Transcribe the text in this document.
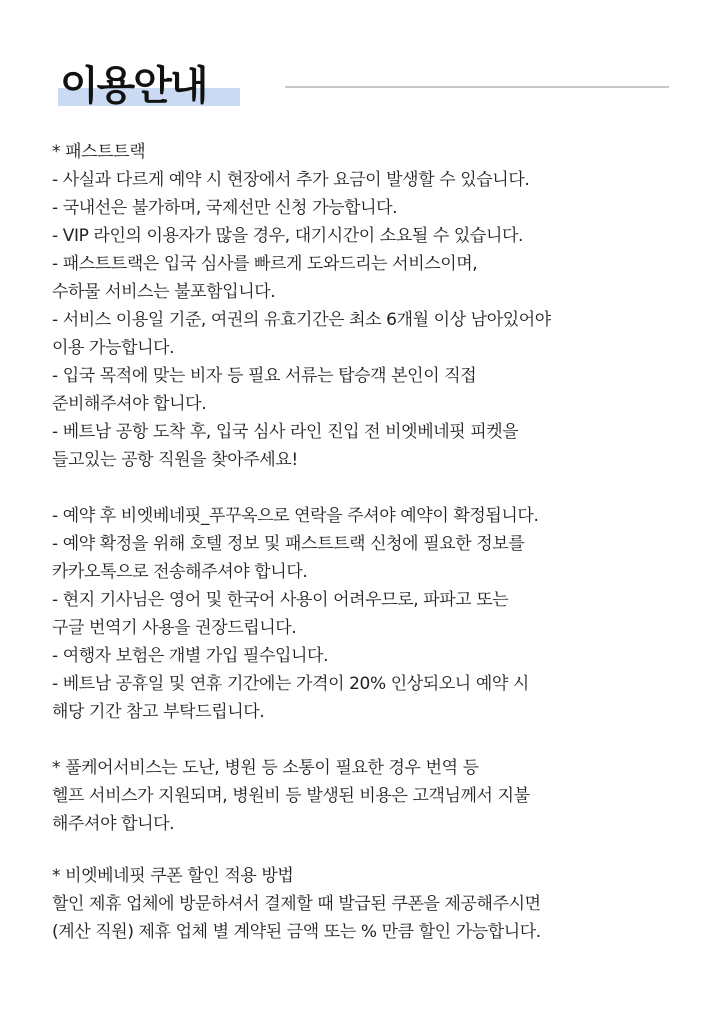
이용안내
* 패스트트랙
- 사실과 다르게 예약 시 현장에서 추가 요금이 발생할 수 있습니다.
- 국내선은 불가하며, 국제선만 신청 가능합니다.
- VIP 라인의 이용자가 많을 경우, 대기시간이 소요될 수 있습니다.
- 패스트트랙은 입국 심사를 빠르게 도와드리는 서비스이며,
수하물 서비스는 불포함입니다.
- 서비스 이용일 기준, 여권의 유효기간은 최소 6개월 이상 남아있어야
이용 가능합니다.
- 입국 목적에 맞는 비자 등 필요 서류는 탑승객 본인이 직접
준비해주셔야 합니다.
- 베트남 공항 도착 후, 입국 심사 라인 진입 전 비엣베네핏 피켓을
들고있는 공항 직원을 찾아주세요!
- 예약 후 비엣베네핏_푸꾸옥으로 연락을 주셔야 예약이 확정됩니다.
- 예약 확정을 위해 호텔 정보 및 패스트트랙 신청에 필요한 정보를
카카오톡으로 전송해주셔야 합니다.
- 현지 기사님은 영어 및 한국어 사용이 어려우므로, 파파고 또는
구글 번역기 사용을 권장드립니다.
- 여행자 보험은 개별 가입 필수입니다.
- 베트남 공휴일 및 연휴 기간에는 가격이 20% 인상되오니 예약 시
해당 기간 참고 부탁드립니다.
* 풀케어서비스는 도난, 병원 등 소통이 필요한 경우 번역 등
헬프 서비스가 지원되며, 병원비 등 발생된 비용은 고객님께서 지불
해주셔야 합니다.
* 비엣베네핏 쿠폰 할인 적용 방법
할인 제휴 업체에 방문하셔서 결제할 때 발급된 쿠폰을 제공해주시면
(계산 직원) 제휴 업체 별 계약된 금액 또는 % 만큼 할인 가능합니다.
